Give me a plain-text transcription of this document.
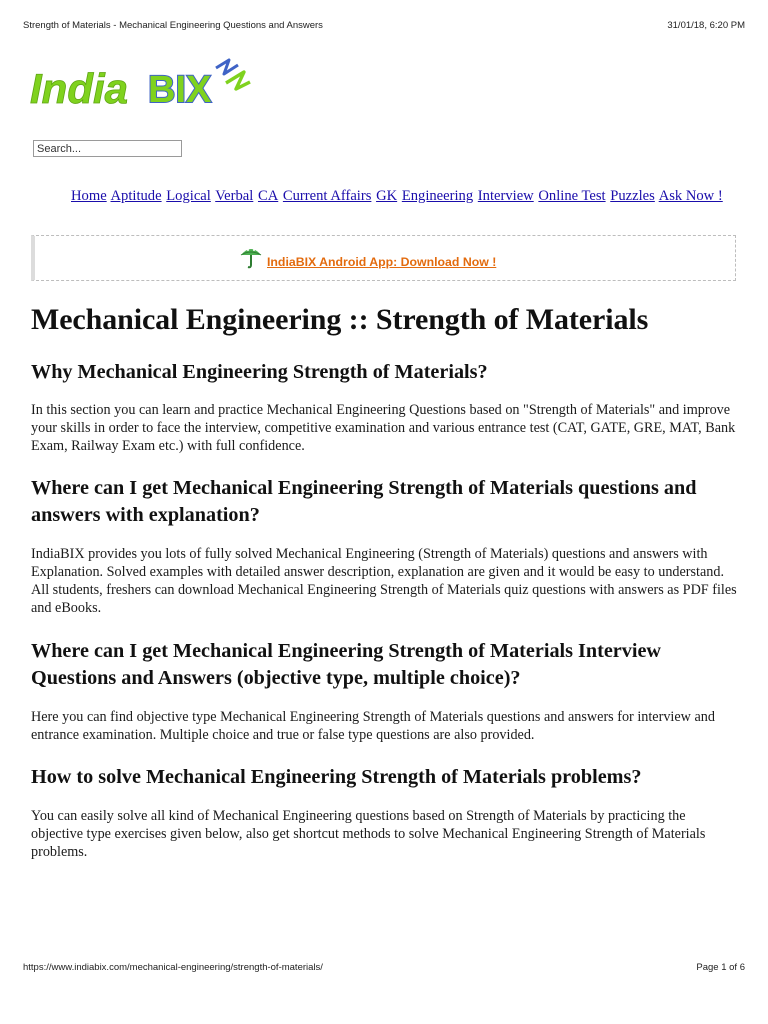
Strength of Materials - Mechanical Engineering Questions and Answers	31/01/18, 6:20 PM
India BIX
Search...
Home Aptitude Logical Verbal CA Current Affairs GK Engineering Interview Online Test Puzzles Ask Now !
IndiaBIX Android App: Download Now !
Mechanical Engineering :: Strength of Materials
Why Mechanical Engineering Strength of Materials?

In this section you can learn and practice Mechanical Engineering Questions based on "Strength of Materials" and improve your skills in order to face the interview, competitive examination and various entrance test (CAT, GATE, GRE, MAT, Bank Exam, Railway Exam etc.) with full confidence.

Where can I get Mechanical Engineering Strength of Materials questions and answers with explanation?

IndiaBIX provides you lots of fully solved Mechanical Engineering (Strength of Materials) questions and answers with Explanation. Solved examples with detailed answer description, explanation are given and it would be easy to understand. All students, freshers can download Mechanical Engineering Strength of Materials quiz questions with answers as PDF files and eBooks.

Where can I get Mechanical Engineering Strength of Materials Interview Questions and Answers (objective type, multiple choice)?

Here you can find objective type Mechanical Engineering Strength of Materials questions and answers for interview and entrance examination. Multiple choice and true or false type questions are also provided.

How to solve Mechanical Engineering Strength of Materials problems?

You can easily solve all kind of Mechanical Engineering questions based on Strength of Materials by practicing the objective type exercises given below, also get shortcut methods to solve Mechanical Engineering Strength of Materials problems.

https://www.indiabix.com/mechanical-engineering/strength-of-materials/	Page 1 of 6
